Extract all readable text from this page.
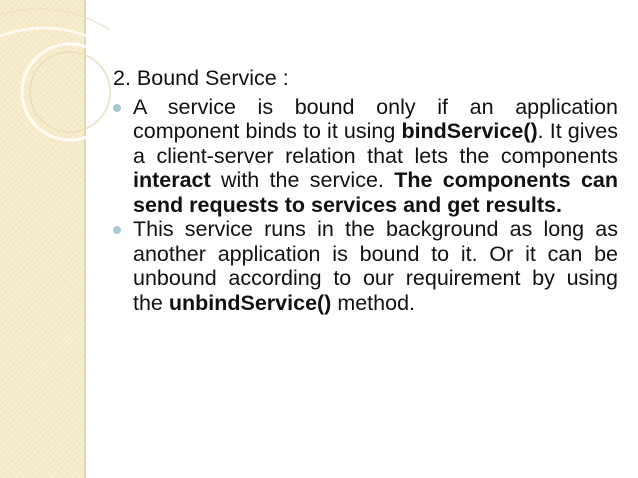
2. Bound Service :
A service is bound only if an application component binds to it using bindService(). It gives a client-server relation that lets the components interact with the service. The components can send requests to services and get results.
This service runs in the background as long as another application is bound to it. Or it can be unbound according to our requirement by using the unbindService() method.
